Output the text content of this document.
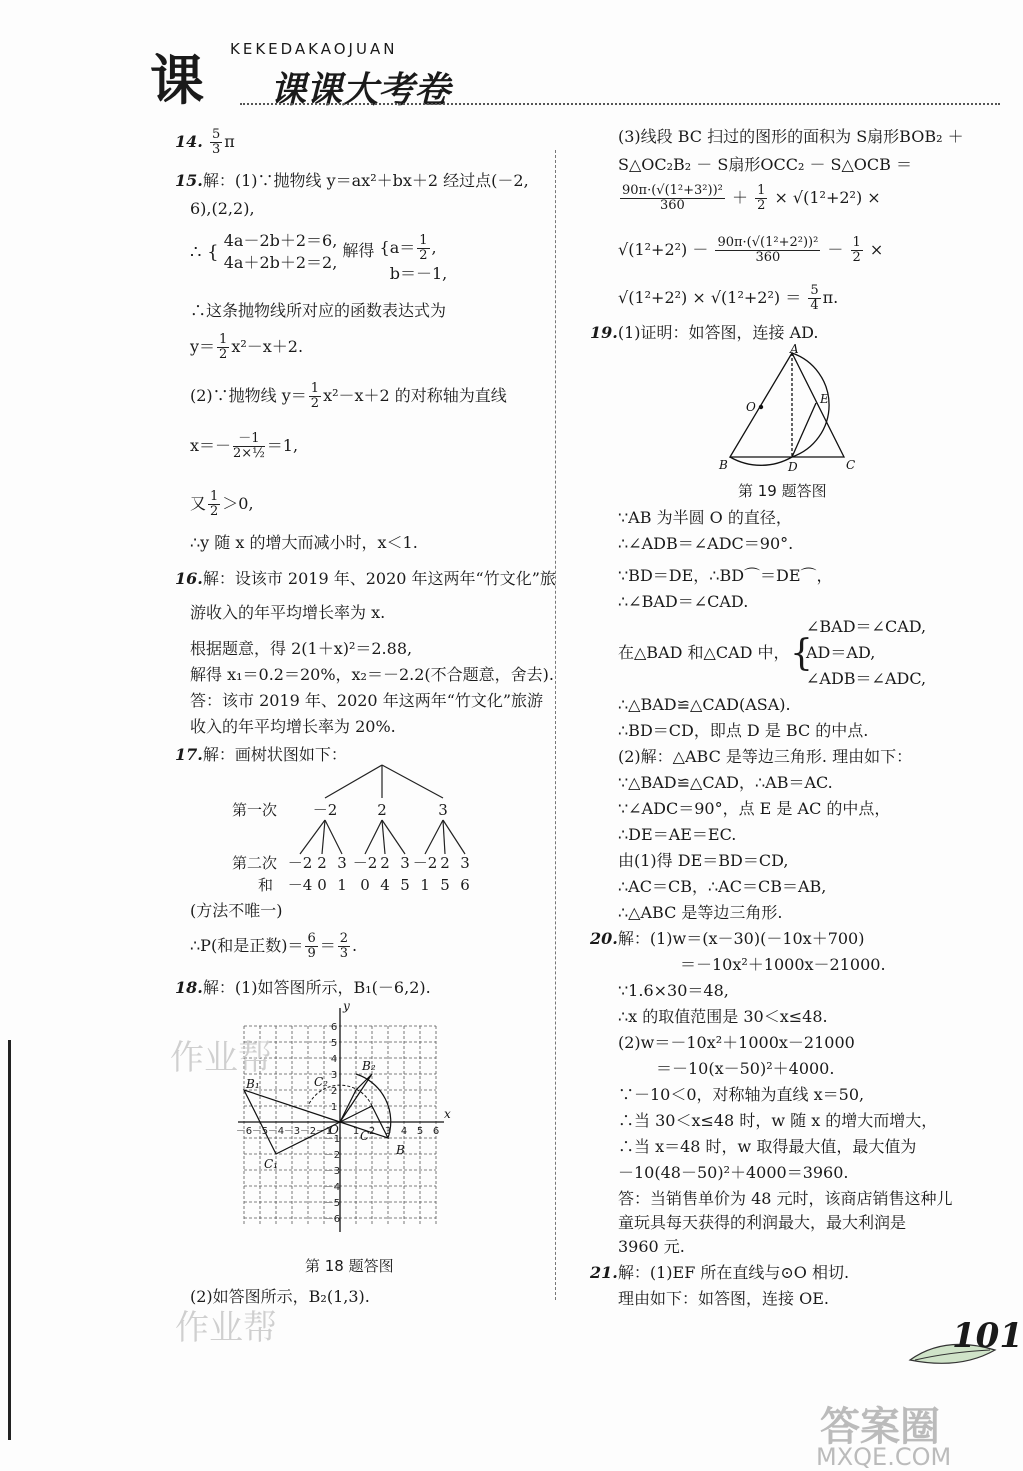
课 KEKEDAKAOJUAN
课课大考卷
14. $\frac{5}{3}$ π
15.解：(1)∵抛物线 y＝ax²＋bx＋2 经过点(－2,
6),(2,2),
∴ {
4a－2b＋2＝6,
4a＋2b＋2＝2,
解得 {$a= \frac{1}{2}$ ,
b＝－1,
∴这条抛物线所对应的函数表达式为
$y= \frac{1}{2} x^2-x+2$.
(2)∵抛物线 $y= \frac{1}{2} x^2-x+2$ 的对称轴为直线
$x=- \frac{-1}{\text{2×½}} =1$,
又 $\frac{1}{2} >0$,
∴y 随 x 的增大而减小时，x＜1.
16.解：设该市 2019 年、2020 年这两年“竹文化”旅
游收入的年平均增长率为 x.
根据题意，得 2(1＋x)²＝2.88,
解得 x₁＝0.2＝20%，x₂＝－2.2(不合题意，舍去).
答：该市 2019 年、2020 年这两年“竹文化”旅游
收入的年平均增长率为 20%.
17.解：画树状图如下：
第一次
第二次
和
－2	2	3
－2 2 3 －2 2 3 －2 2 3
－4 0 1 0 4 5 1 5 6
(方法不唯一)
∴P(和是正数)＝ $\frac{6}{9} = \frac{2}{3}$ .
18.解：(1)如答图所示，B₁(－6,2).
x
y
O
B₁	C₂
B₂
C
C₁
B
－6 －5 －4 －3 －2 －1 1 2 3 4 5 6
6
5
4
3
2
1
－1
－2
－3
－4
－5
－6
作业帮
第 18 题答图
(2)如答图所示，B₂(1,3).
作业帮
(3)线段 BC 扫过的图形的面积为 S扇形BOB₂ ＋
S△OC₂B₂ － S扇形OCC₂ － S△OCB ＝
$\frac{\text{90π·(√(1²+3²))²}}{360} + \frac{1}{2} \times √(1^2+2^2)$ ×
$√(1^2+2^2) - \frac{\text{90π·(√(1²+2²))²}}{360} - \frac{1}{2}$ ×
$√(1^2+2^2) \times √(1^2+2^2) = \frac{5}{4} \pi$.
19.(1)证明：如答图，连接 AD.
A
O
E
B	D	C
第 19 题答图
∵AB 为半圆 O 的直径，
∴∠ADB＝∠ADC＝90°.
∵BD＝DE，∴BD⌒＝DE⌒，
∴∠BAD＝∠CAD.
在△BAD 和△CAD 中， {
∠BAD＝∠CAD,
AD＝AD,
∠ADB＝∠ADC,
∴△BAD≌△CAD(ASA).
∴BD＝CD，即点 D 是 BC 的中点.
(2)解：△ABC 是等边三角形. 理由如下：
∵△BAD≌△CAD，∴AB＝AC.
∵∠ADC＝90°，点 E 是 AC 的中点，
∴DE＝AE＝EC.
由(1)得 DE＝BD＝CD,
∴AC＝CB，∴AC＝CB＝AB,
∴△ABC 是等边三角形.
20.解：(1)w＝(x－30)(－10x＋700)
＝－10x²＋1000x－21000.
∵1.6×30＝48,
∴x 的取值范围是 30＜x≤48.
(2)w＝－10x²＋1000x－21000
＝－10(x－50)²＋4000.
∵－10＜0，对称轴为直线 x＝50,
∴当 30＜x≤48 时，w 随 x 的增大而增大，
∴当 x＝48 时，w 取得最大值，最大值为
－10(48－50)²＋4000＝3960.
答：当销售单价为 48 元时，该商店销售这种儿
童玩具每天获得的利润最大，最大利润是
3960 元.
21.解：(1)EF 所在直线与⊙O 相切.
理由如下：如答图，连接 OE.
101
答案圈
MXQE.COM
